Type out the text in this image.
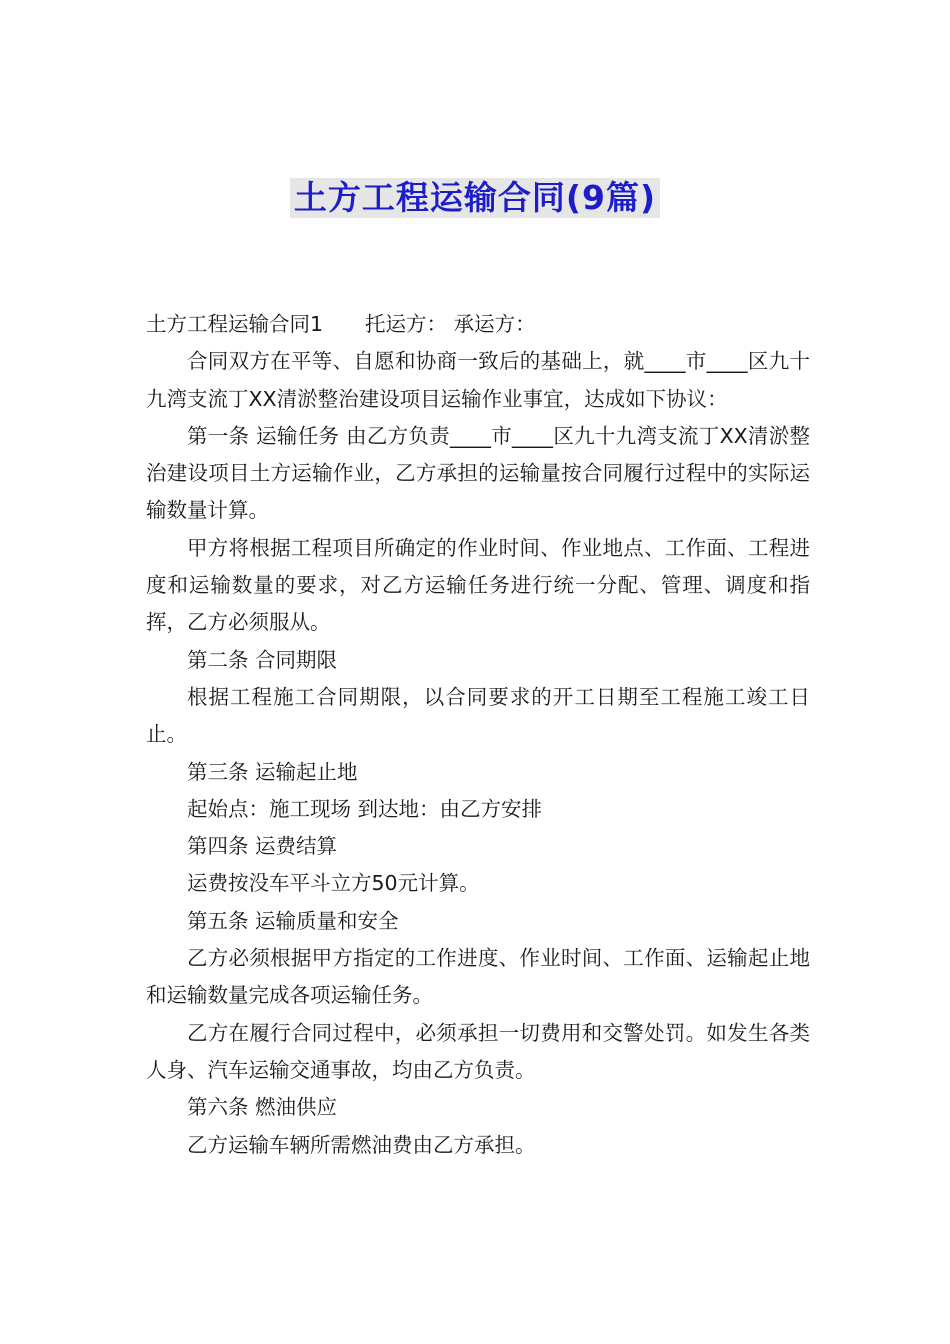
土方工程运输合同(9篇)

土方工程运输合同1 托运方： 承运方：

合同双方在平等、自愿和协商一致后的基础上，就____市____区九十九湾支流丁XX清淤整治建设项目运输作业事宜，达成如下协议：

第一条 运输任务 由乙方负责____市____区九十九湾支流丁XX清淤整治建设项目土方运输作业，乙方承担的运输量按合同履行过程中的实际运输数量计算。

甲方将根据工程项目所确定的作业时间、作业地点、工作面、工程进度和运输数量的要求，对乙方运输任务进行统一分配、管理、调度和指挥，乙方必须服从。

第二条 合同期限

根据工程施工合同期限，以合同要求的开工日期至工程施工竣工日止。

第三条 运输起止地

起始点：施工现场 到达地：由乙方安排

第四条 运费结算

运费按没车平斗立方50元计算。

第五条 运输质量和安全

乙方必须根据甲方指定的工作进度、作业时间、工作面、运输起止地和运输数量完成各项运输任务。

乙方在履行合同过程中，必须承担一切费用和交警处罚。如发生各类人身、汽车运输交通事故，均由乙方负责。

第六条 燃油供应

乙方运输车辆所需燃油费由乙方承担。
